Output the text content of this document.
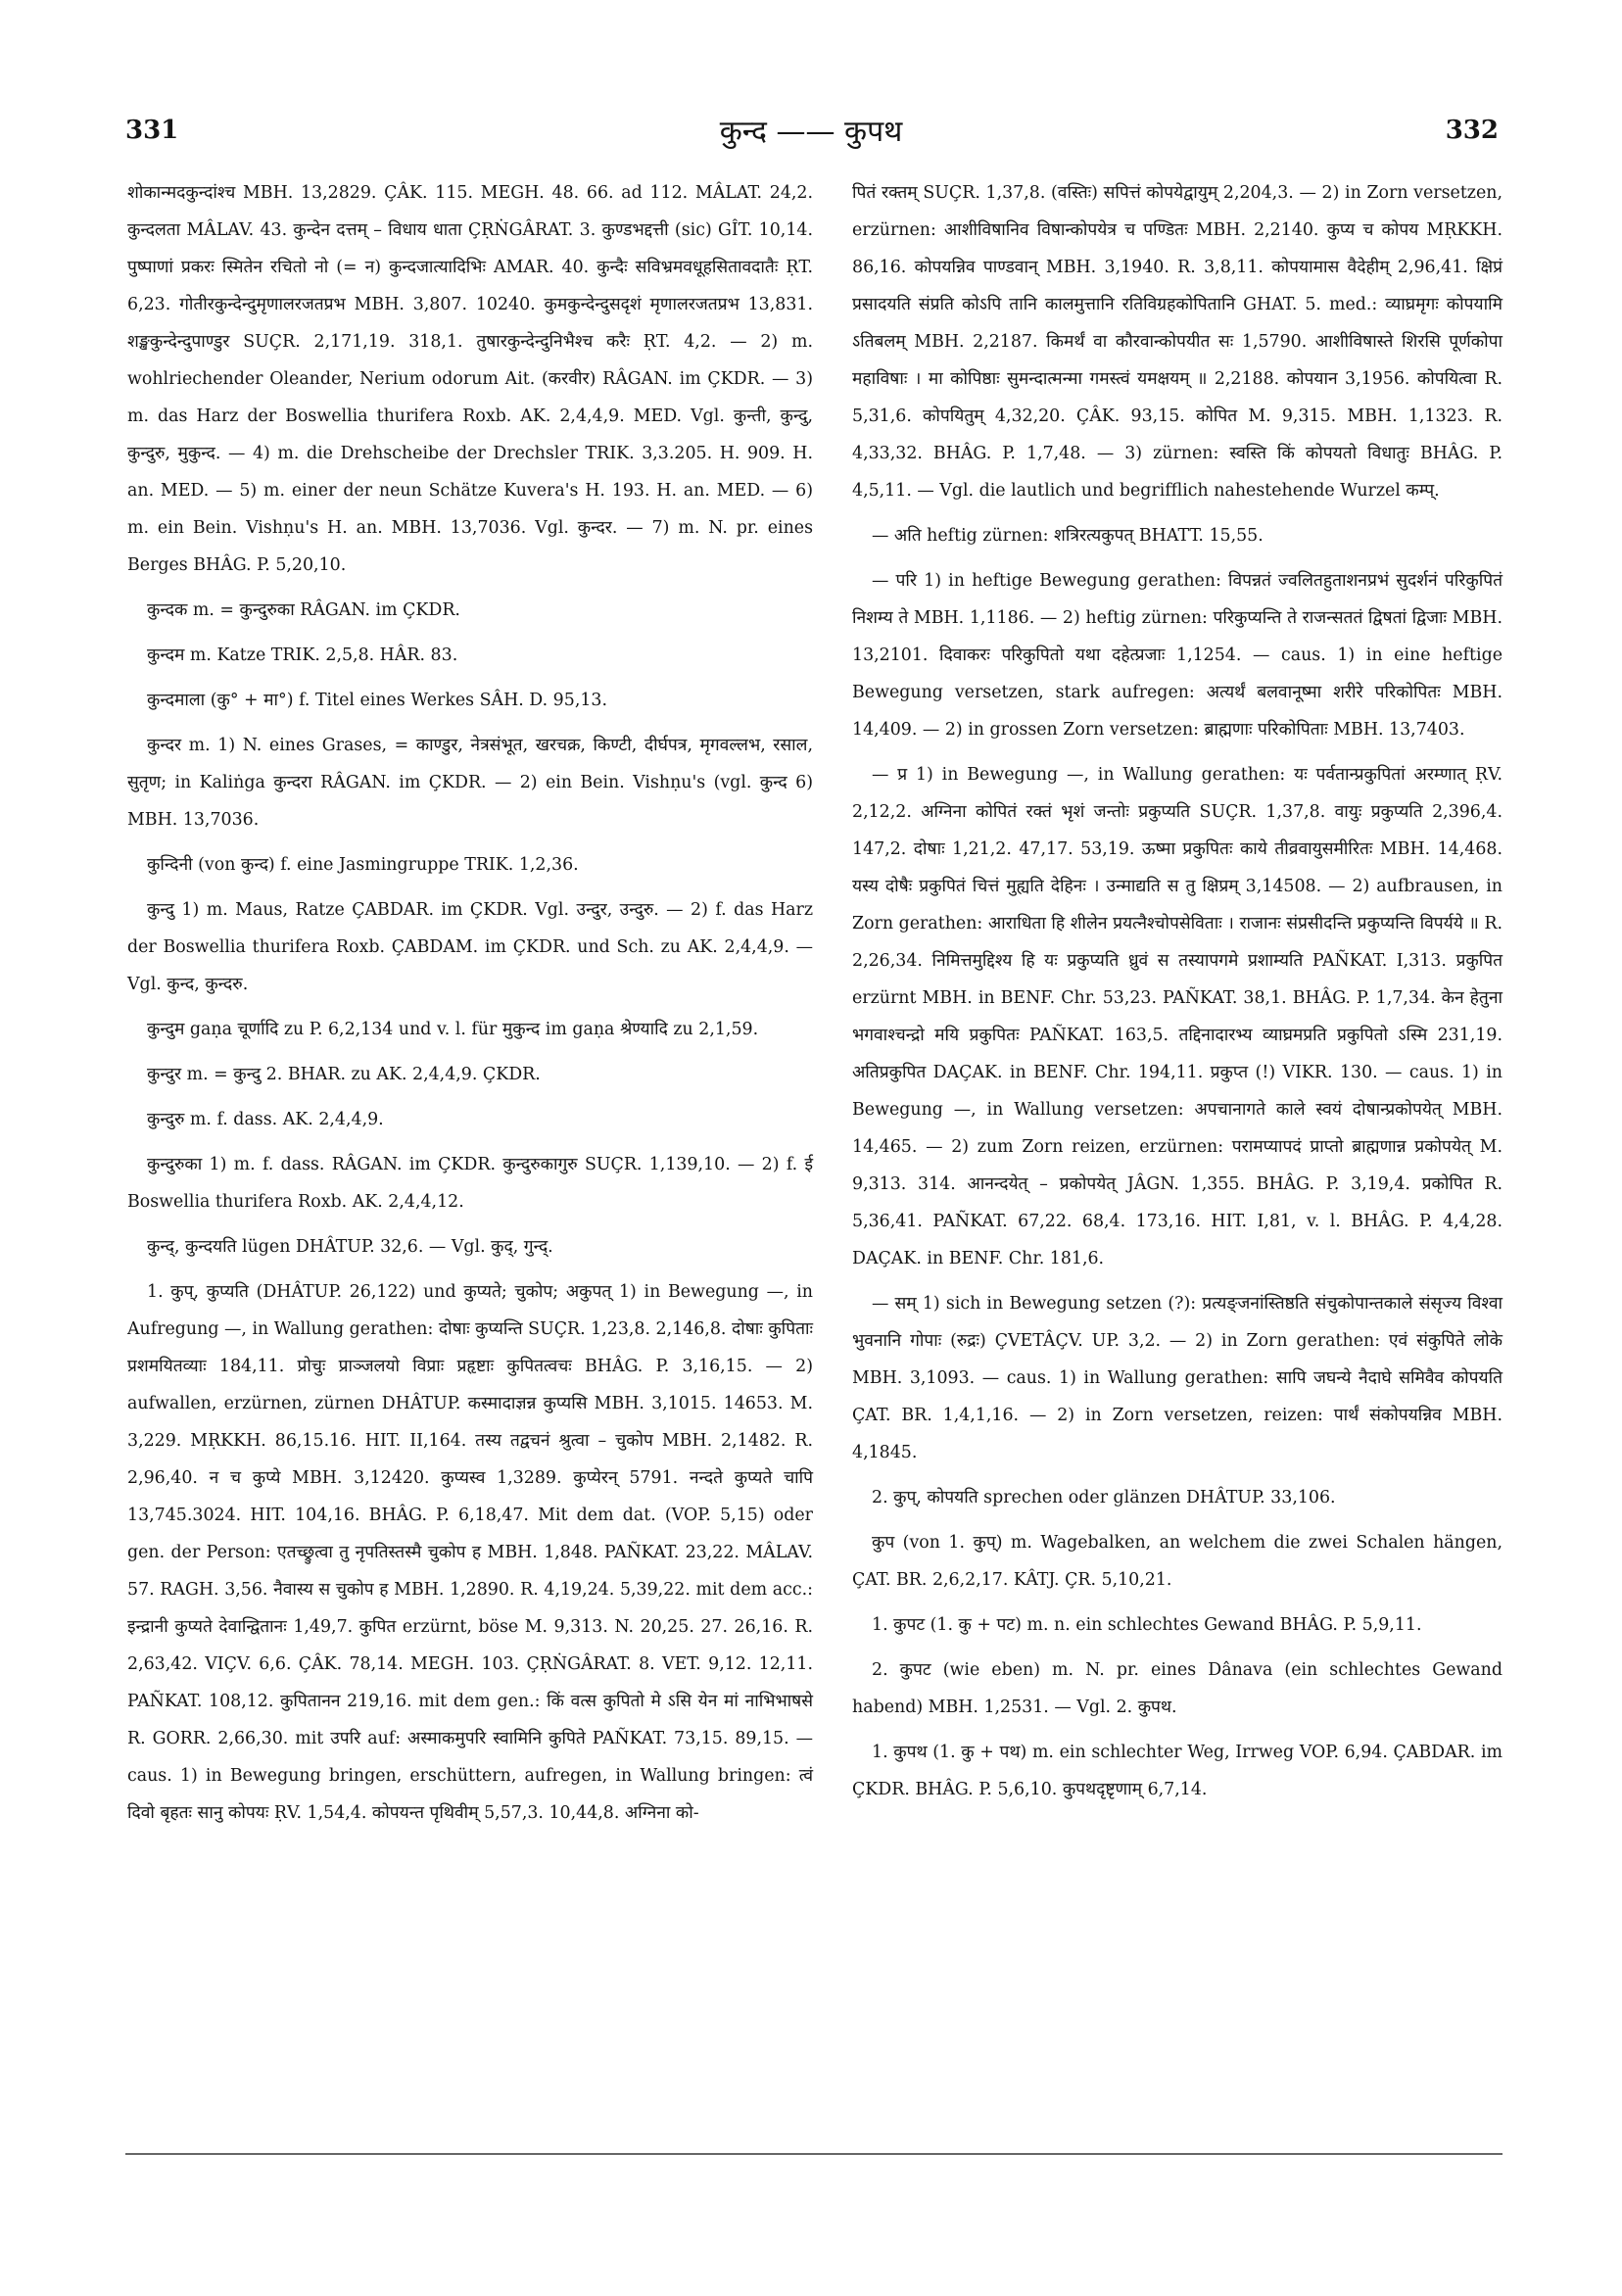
331	कुन्द —— कुपथ	332

शोकान्मदकुन्दांश्च MBH. 13,2829. ÇÂK. 115. MEGH. 48. 66. ad 112. MÂLAT. 24,2. कुन्दलता MÂLAV. 43. कुन्देन दत्तम् – विधाय धाता ÇṚṄGÂRAT. 3. कुण्डभद्दत्ती (sic) GÎT. 10,14. पुष्पाणां प्रकरः स्मितेन रचितो नो (= न) कुन्दजात्यादिभिः AMAR. 40. कुन्दैः सविभ्रमवधूहसितावदातैः ṚT. 6,23. गोतीरकुन्देन्दुमृणालरजतप्रभ MBH. 3,807. 10240. कुमकुन्देन्दुसदृशं मृणालरजतप्रभ 13,831. शङ्खकुन्देन्दुपाण्डुर SUÇR. 2,171,19. 318,1. तुषारकुन्देन्दुनिभैश्च करैः ṚT. 4,2. — 2) m. wohlriechender Oleander, Nerium odorum Ait. (करवीर) RÂGAN. im ÇKDR. — 3) m. das Harz der Boswellia thurifera Roxb. AK. 2,4,4,9. MED. Vgl. कुन्ती, कुन्दु, कुन्दुरु, मुकुन्द. — 4) m. die Drehscheibe der Drechsler TRIK. 3,3.205. H. 909. H. an. MED. — 5) m. einer der neun Schätze Kuvera's H. 193. H. an. MED. — 6) m. ein Bein. Vishṇu's H. an. MBH. 13,7036. Vgl. कुन्दर. — 7) m. N. pr. eines Berges BHÂG. P. 5,20,10.

कुन्दक m. = कुन्दुरुका RÂGAN. im ÇKDR.

कुन्दम m. Katze TRIK. 2,5,8. HÂR. 83.

कुन्दमाला (कु° + मा°) f. Titel eines Werkes SÂH. D. 95,13.

कुन्दर m. 1) N. eines Grases, = काण्डुर, नेत्रसंभूत, खरचक्र, किण्टी, दीर्घपत्र, मृगवल्लभ, रसाल, सुतृण; in Kaliṅga कुन्दरा RÂGAN. im ÇKDR. — 2) ein Bein. Vishṇu's (vgl. कुन्द 6) MBH. 13,7036.

कुन्दिनी (von कुन्द) f. eine Jasmingruppe TRIK. 1,2,36.

कुन्दु 1) m. Maus, Ratze ÇABDAR. im ÇKDR. Vgl. उन्दुर, उन्दुरु. — 2) f. das Harz der Boswellia thurifera Roxb. ÇABDAM. im ÇKDR. und Sch. zu AK. 2,4,4,9. — Vgl. कुन्द, कुन्दरु.

कुन्दुम gaṇa चूर्णादि zu P. 6,2,134 und v. l. für मुकुन्द im gaṇa श्रेण्यादि zu 2,1,59.

कुन्दुर m. = कुन्दु 2. BHAR. zu AK. 2,4,4,9. ÇKDR.

कुन्दुरु m. f. dass. AK. 2,4,4,9.

कुन्दुरुका 1) m. f. dass. RÂGAN. im ÇKDR. कुन्दुरुकागुरु SUÇR. 1,139,10. — 2) f. ई Boswellia thurifera Roxb. AK. 2,4,4,12.

कुन्द्, कुन्दयति lügen DHÂTUP. 32,6. — Vgl. कुद्, गुन्द्.

1. कुप्, कुप्यति (DHÂTUP. 26,122) und कुप्यते; चुकोप; अकुपत् 1) in Bewegung —, in Aufregung —, in Wallung gerathen: दोषाः कुप्यन्ति SUÇR. 1,23,8. 2,146,8. दोषाः कुपिताः प्रशमयितव्याः 184,11. प्रोचुः प्राञ्जलयो विप्राः प्रहृष्टाः कुपितत्वचः BHÂG. P. 3,16,15. — 2) aufwallen, erzürnen, zürnen DHÂTUP. कस्मादाज्ञन्न कुप्यसि MBH. 3,1015. 14653. M. 3,229. MṚKKH. 86,15.16. HIT. II,164. तस्य तद्वचनं श्रुत्वा – चुकोप MBH. 2,1482. R. 2,96,40. न च कुप्ये MBH. 3,12420. कुप्यस्व 1,3289. कुप्येरन् 5791. नन्दते कुप्यते चापि 13,745.3024. HIT. 104,16. BHÂG. P. 6,18,47. Mit dem dat. (VOP. 5,15) oder gen. der Person: एतच्छ्रुत्वा तु नृपतिस्तस्मै चुकोप ह MBH. 1,848. PAÑKAT. 23,22. MÂLAV. 57. RAGH. 3,56. नैवास्य स चुकोप ह MBH. 1,2890. R. 4,19,24. 5,39,22. mit dem acc.: इन्द्रानी कुप्यते देवान्द्वितानः 1,49,7. कुपित erzürnt, böse M. 9,313. N. 20,25. 27. 26,16. R. 2,63,42. VIÇV. 6,6. ÇÂK. 78,14. MEGH. 103. ÇṚṄGÂRAT. 8. VET. 9,12. 12,11. PAÑKAT. 108,12. कुपितानन 219,16. mit dem gen.: किं वत्स कुपितो मे ऽसि येन मां नाभिभाषसे R. GORR. 2,66,30. mit उपरि auf: अस्माकमुपरि स्वामिनि कुपिते PAÑKAT. 73,15. 89,15. — caus. 1) in Bewegung bringen, erschüttern, aufregen, in Wallung bringen: त्वं दिवो बृहतः सानु कोपयः ṚV. 1,54,4. कोपयन्त पृथिवीम् 5,57,3. 10,44,8. अग्निना को-

पितं रक्तम् SUÇR. 1,37,8. (वस्तिः) सपित्तं कोपयेद्वायुम् 2,204,3. — 2) in Zorn versetzen, erzürnen: आशीविषानिव विषान्कोपयेत्र च पण्डितः MBH. 2,2140. कुप्य च कोपय MṚKKH. 86,16. कोपयन्निव पाण्डवान् MBH. 3,1940. R. 3,8,11. कोपयामास वैदेहीम् 2,96,41. क्षिप्रं प्रसादयति संप्रति कोऽपि तानि कालमुत्तानि रतिविग्रहकोपितानि GHAT. 5. med.: व्याघ्रमृगः कोपयामि ऽतिबलम् MBH. 2,2187. किमर्थं वा कौरवान्कोपयीत सः 1,5790. आशीविषास्ते शिरसि पूर्णकोपा महाविषाः । मा कोपिष्ठाः सुमन्दात्मन्मा गमस्त्वं यमक्षयम् ॥ 2,2188. कोपयान 3,1956. कोपयित्वा R. 5,31,6. कोपयितुम् 4,32,20. ÇÂK. 93,15. कोपित M. 9,315. MBH. 1,1323. R. 4,33,32. BHÂG. P. 1,7,48. — 3) zürnen: स्वस्ति किं कोपयतो विधातुः BHÂG. P. 4,5,11. — Vgl. die lautlich und begrifflich nahestehende Wurzel कम्प्.

— अति heftig zürnen: शत्रिरत्यकुपत् BHATT. 15,55.

— परि 1) in heftige Bewegung gerathen: विपन्नतं ज्वलितहुताशनप्रभं सुदर्शनं परिकुपितं निशम्य ते MBH. 1,1186. — 2) heftig zürnen: परिकुप्यन्ति ते राजन्सततं द्विषतां द्विजाः MBH. 13,2101. दिवाकरः परिकुपितो यथा दहेत्प्रजाः 1,1254. — caus. 1) in eine heftige Bewegung versetzen, stark aufregen: अत्यर्थं बलवानूष्मा शरीरे परिकोपितः MBH. 14,409. — 2) in grossen Zorn versetzen: ब्राह्मणाः परिकोपिताः MBH. 13,7403.

— प्र 1) in Bewegung —, in Wallung gerathen: यः पर्वतान्प्रकुपितां अरम्णात् ṚV. 2,12,2. अग्निना कोपितं रक्तं भृशं जन्तोः प्रकुप्यति SUÇR. 1,37,8. वायुः प्रकुप्यति 2,396,4. 147,2. दोषाः 1,21,2. 47,17. 53,19. ऊष्मा प्रकुपितः काये तीव्रवायुसमीरितः MBH. 14,468. यस्य दोषैः प्रकुपितं चित्तं मुह्यति देहिनः । उन्माद्यति स तु क्षिप्रम् 3,14508. — 2) aufbrausen, in Zorn gerathen: आराधिता हि शीलेन प्रयत्नैश्चोपसेविताः । राजानः संप्रसीदन्ति प्रकुप्यन्ति विपर्यये ॥ R. 2,26,34. निमित्तमुद्दिश्य हि यः प्रकुप्यति ध्रुवं स तस्यापगमे प्रशाम्यति PAÑKAT. I,313. प्रकुपित erzürnt MBH. in BENF. Chr. 53,23. PAÑKAT. 38,1. BHÂG. P. 1,7,34. केन हेतुना भगवाश्चन्द्रो मयि प्रकुपितः PAÑKAT. 163,5. तद्दिनादारभ्य व्याघ्रमप्रति प्रकुपितो ऽस्मि 231,19. अतिप्रकुपित DAÇAK. in BENF. Chr. 194,11. प्रकुप्त (!) VIKR. 130. — caus. 1) in Bewegung —, in Wallung versetzen: अपचानागते काले स्वयं दोषान्प्रकोपयेत् MBH. 14,465. — 2) zum Zorn reizen, erzürnen: परामप्यापदं प्राप्तो ब्राह्मणान्न प्रकोपयेत् M. 9,313. 314. आनन्दयेत् – प्रकोपयेत् JÂGN. 1,355. BHÂG. P. 3,19,4. प्रकोपित R. 5,36,41. PAÑKAT. 67,22. 68,4. 173,16. HIT. I,81, v. l. BHÂG. P. 4,4,28. DAÇAK. in BENF. Chr. 181,6.

— सम् 1) sich in Bewegung setzen (?): प्रत्यङ्जनांस्तिष्ठति संचुकोपान्तकाले संसृज्य विश्वा भुवनानि गोपाः (रुद्रः) ÇVETÂÇV. UP. 3,2. — 2) in Zorn gerathen: एवं संकुपिते लोके MBH. 3,1093. — caus. 1) in Wallung gerathen: सापि जघन्ये नैदाघे समिवैव कोपयति ÇAT. BR. 1,4,1,16. — 2) in Zorn versetzen, reizen: पार्थं संकोपयन्निव MBH. 4,1845.

2. कुप्, कोपयति sprechen oder glänzen DHÂTUP. 33,106.

कुप (von 1. कुप्) m. Wagebalken, an welchem die zwei Schalen hängen, ÇAT. BR. 2,6,2,17. KÂTJ. ÇR. 5,10,21.

1. कुपट (1. कु + पट) m. n. ein schlechtes Gewand BHÂG. P. 5,9,11.

2. कुपट (wie eben) m. N. pr. eines Dânava (ein schlechtes Gewand habend) MBH. 1,2531. — Vgl. 2. कुपथ.

1. कुपथ (1. कु + पथ) m. ein schlechter Weg, Irrweg VOP. 6,94. ÇABDAR. im ÇKDR. BHÂG. P. 5,6,10. कुपथदृष्टृणाम् 6,7,14.
